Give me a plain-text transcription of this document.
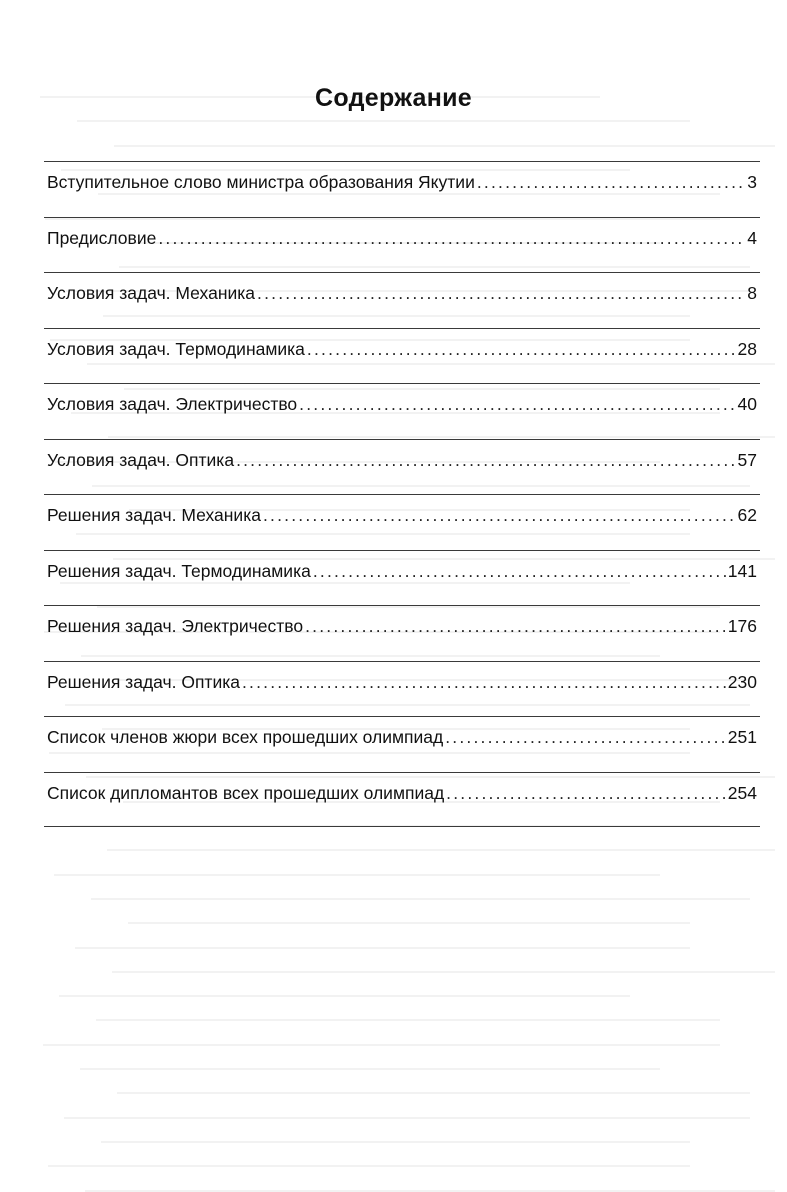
Содержание
Вступительное слово министра образования Якутии .....	3
Предисловие .....	4
Условия задач. Механика .....	8
Условия задач. Термодинамика .....	28
Условия задач. Электричество .....	40
Условия задач. Оптика .....	57
Решения задач. Механика .....	62
Решения задач. Термодинамика .....	141
Решения задач. Электричество .....	176
Решения задач. Оптика .....	230
Список членов жюри всех прошедших олимпиад .....	251
Список дипломантов всех прошедших олимпиад .....	254
